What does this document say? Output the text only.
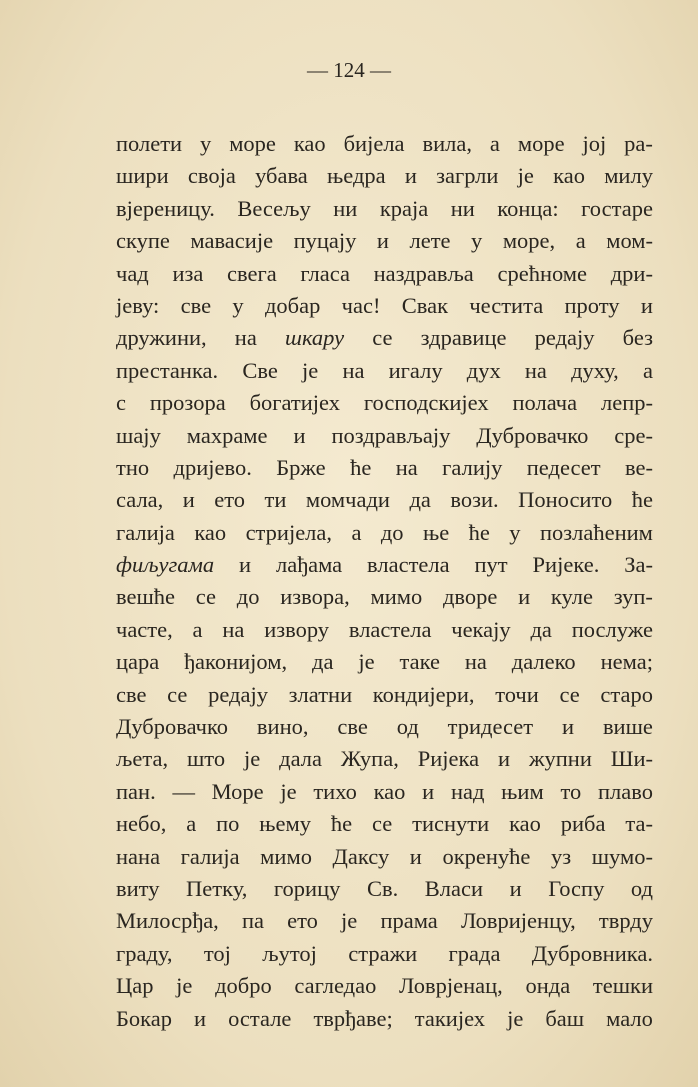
— 124 —
полети у море као бијела вила, а море јој ра-
шири своја убава њедра и загрли је као милу
вјереницу. Весељу ни краја ни конца: гостаре
скупе мавасије пуцају и лете у море, а мом-
чад иза свега гласа наздравља срећноме дри-
јеву: све у добар час! Свак честита проту и
дружини, на шкару се здравице редају без
престанка. Све је на игалу дух на духу, а
с прозора богатијех господскијех полача лепр-
шају махраме и поздрављају Дубровачко сре-
тно дријево. Брже ће на галију педесет ве-
сала, и ето ти момчади да вози. Поносито ће
галија као стријела, а до ње ће у позлаћеним
фиљугама и лађама властела пут Ријеке. За-
вешће се до извора, мимо дворе и куле зуп-
часте, а на извору властела чекају да послуже
цара ђаконијом, да је таке на далеко нема;
све се редају златни кондијери, точи се старо
Дубровачко вино, све од тридесет и више
љета, што је дала Жупа, Ријека и жупни Ши-
пан. — Море је тихо као и над њим то плаво
небо, а по њему ће се тиснути као риба та-
нана галија мимо Даксу и окренуће уз шумо-
виту Петку, горицу Св. Власи и Госпу од
Милосрђа, па ето је прама Ловријенцу, тврду
граду, тој љутој стражи града Дубровника.
Цар је добро сагледао Ловрјенац, онда тешки
Бокар и остале тврђаве; такијех је баш мало
